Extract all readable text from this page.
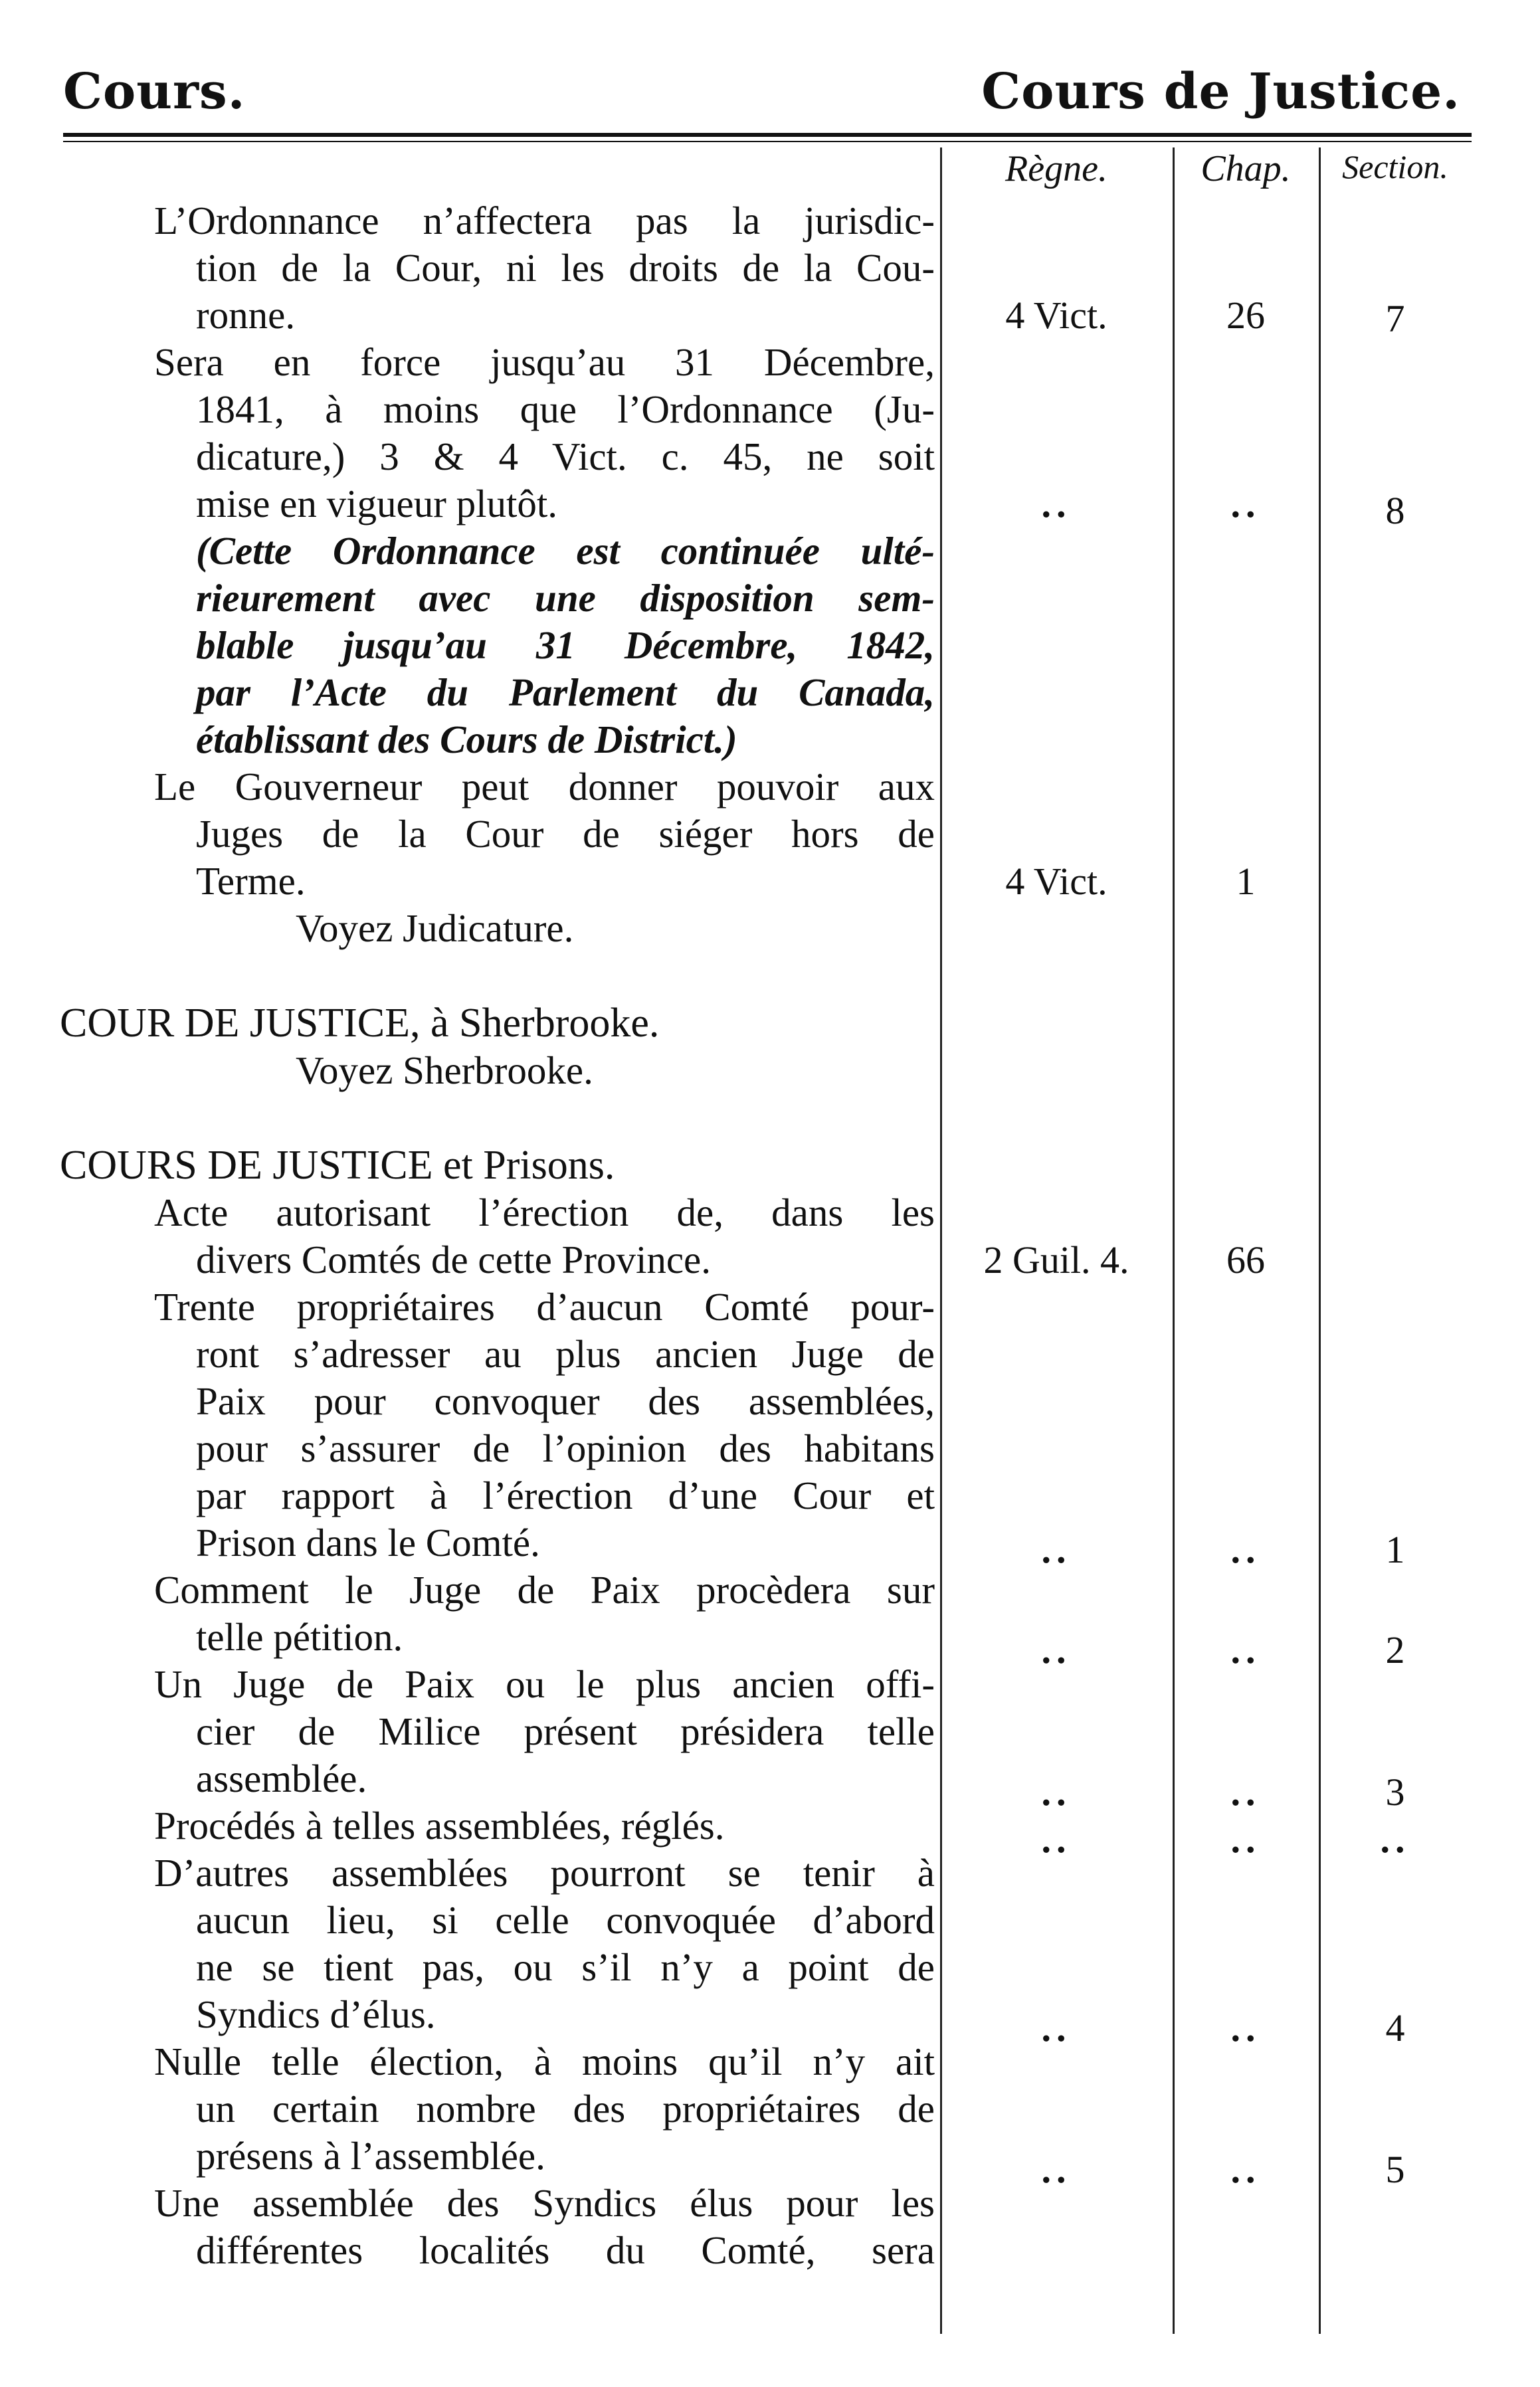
Cours.	Cours de Justice.
Règne.	Chap.	Section.
L’Ordonnance n’affectera pas la jurisdic-
tion de la Cour, ni les droits de la Cou-
ronne.	4 Vict.	26	7
Sera en force jusqu’au 31 Décembre,
1841, à moins que l’Ordonnance (Ju-
dicature,) 3 & 4 Vict. c. 45, ne soit
mise en vigueur plutôt.	..	..	8
(Cette Ordonnance est continuée ulté-
rieurement avec une disposition sem-
blable jusqu’au 31 Décembre, 1842,
par l’Acte du Parlement du Canada,
établissant des Cours de District.)
Le Gouverneur peut donner pouvoir aux
Juges de la Cour de siéger hors de
Terme.	4 Vict.	1
Voyez Judicature.
COUR DE JUSTICE, à Sherbrooke.
Voyez Sherbrooke.
COURS DE JUSTICE et Prisons.
Acte autorisant l’érection de, dans les
divers Comtés de cette Province.	2 Guil. 4.	66
Trente propriétaires d’aucun Comté pour-
ront s’adresser au plus ancien Juge de
Paix pour convoquer des assemblées,
pour s’assurer de l’opinion des habitans
par rapport à l’érection d’une Cour et
Prison dans le Comté.	..	..	1
Comment le Juge de Paix procèdera sur
telle pétition.	..	..	2
Un Juge de Paix ou le plus ancien offi-
cier de Milice présent présidera telle
assemblée.	..	..	3
Procédés à telles assemblées, réglés.	..	..	..
D’autres assemblées pourront se tenir à
aucun lieu, si celle convoquée d’abord
ne se tient pas, ou s’il n’y a point de
Syndics d’élus.	..	..	4
Nulle telle élection, à moins qu’il n’y ait
un certain nombre des propriétaires de
présens à l’assemblée.	..	..	5
Une assemblée des Syndics élus pour les
différentes localités du Comté, sera
